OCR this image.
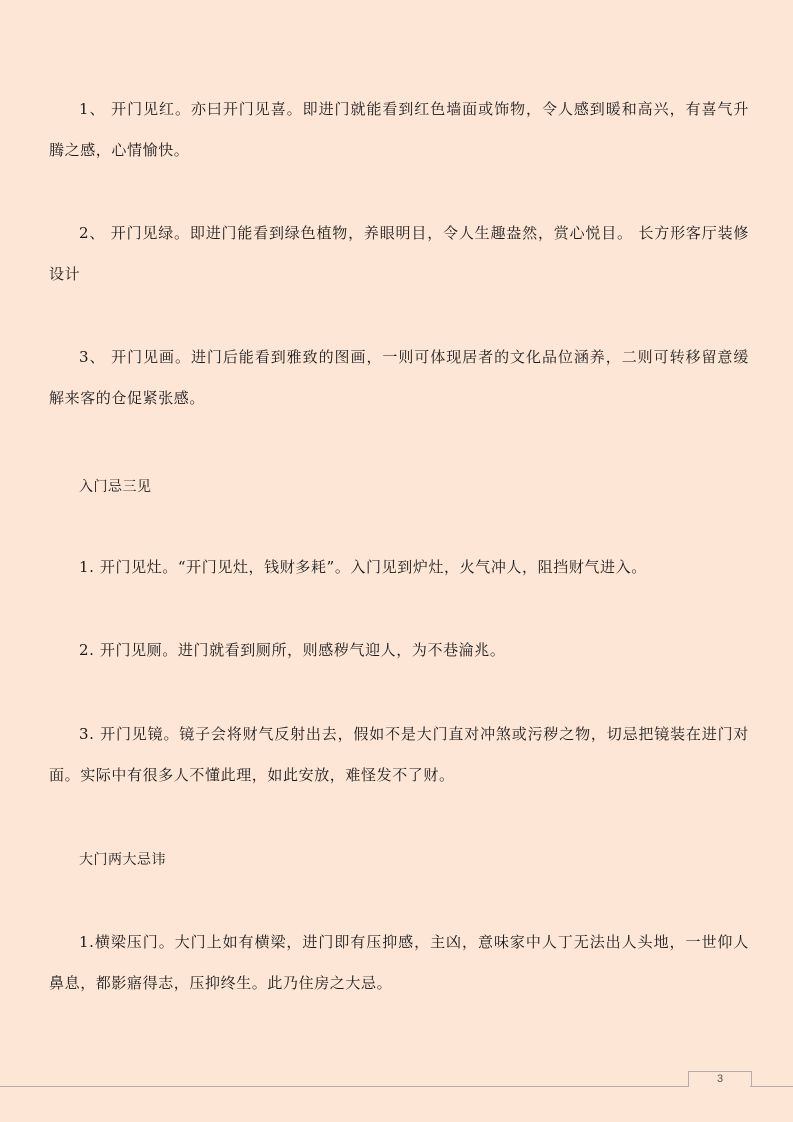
1、 开门见红。亦曰开门见喜。即进门就能看到红色墙面或饰物，令人感到暖和高兴，有喜气升腾之感，心情愉快。

2、 开门见绿。即进门能看到绿色植物，养眼明目，令人生趣盎然，赏心悦目。 长方形客厅装修设计

3、 开门见画。进门后能看到雅致的图画，一则可体现居者的文化品位涵养，二则可转移留意缓解来客的仓促紧张感。

入门忌三见

1. 开门见灶。“开门见灶，钱财多耗”。入门见到炉灶，火气冲人，阻挡财气进入。

2. 开门见厕。进门就看到厕所，则感秽气迎人，为不巷淪兆。

3. 开门见镜。镜子会将财气反射出去，假如不是大门直对冲煞或污秽之物，切忌把镜装在进门对面。实际中有很多人不懂此理，如此安放，难怪发不了财。

大门两大忌讳

1.横梁压门。大门上如有横梁，进门即有压抑感，主凶，意味家中人丁无法出人头地，一世仰人鼻息，都影寤得志，压抑终生。此乃住房之大忌。

3
